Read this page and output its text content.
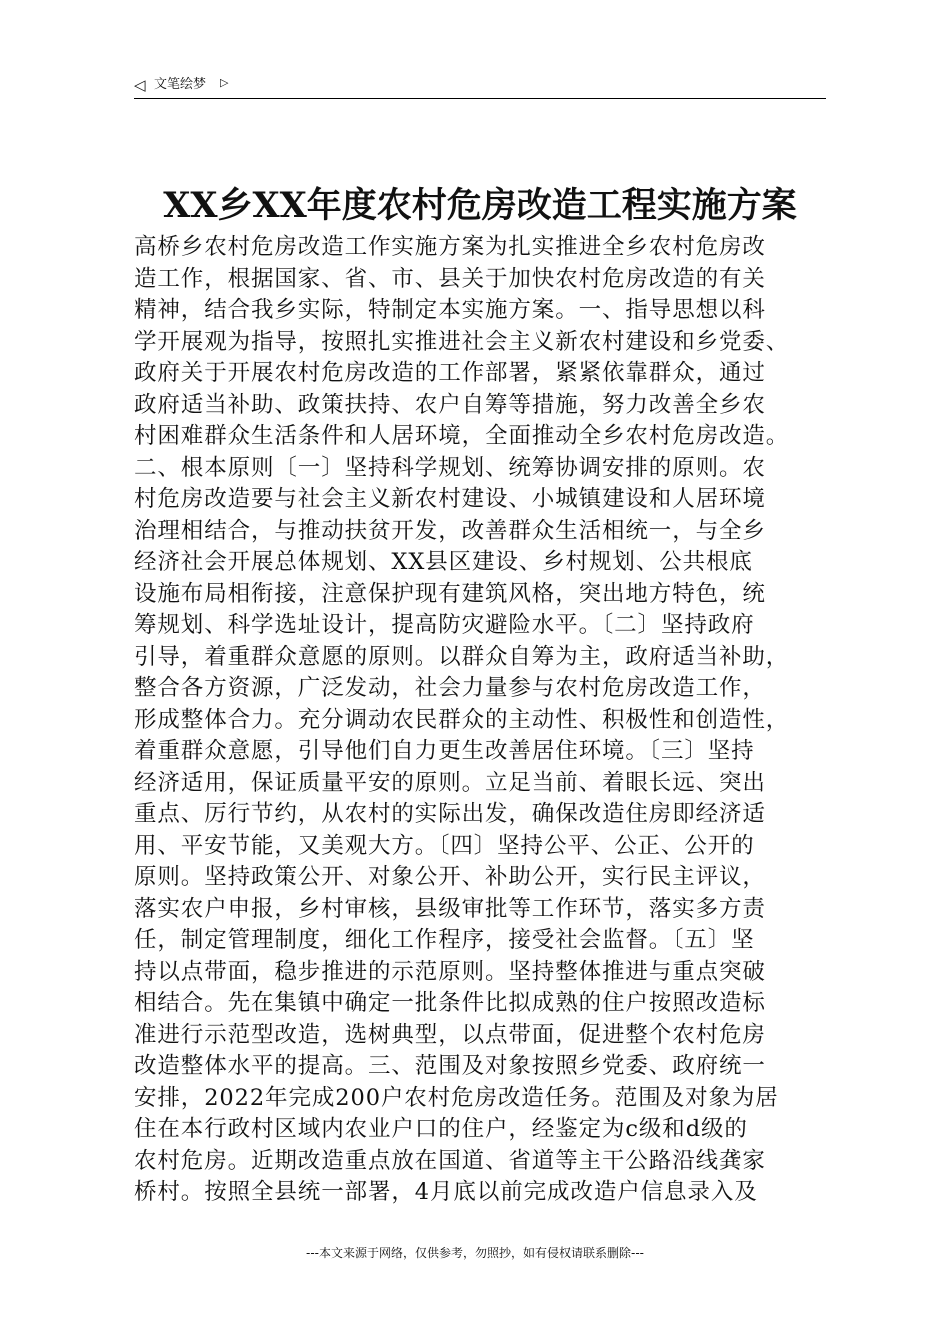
◁ 文笔绘梦 ▷
XX乡XX年度农村危房改造工程实施方案
高桥乡农村危房改造工作实施方案为扎实推进全乡农村危房改
造工作，根据国家、省、市、县关于加快农村危房改造的有关
精神，结合我乡实际，特制定本实施方案。一、指导思想以科
学开展观为指导，按照扎实推进社会主义新农村建设和乡党委、
政府关于开展农村危房改造的工作部署，紧紧依靠群众，通过
政府适当补助、政策扶持、农户自筹等措施，努力改善全乡农
村困难群众生活条件和人居环境，全面推动全乡农村危房改造。
二、根本原则〔一〕坚持科学规划、统筹协调安排的原则。农
村危房改造要与社会主义新农村建设、小城镇建设和人居环境
治理相结合，与推动扶贫开发，改善群众生活相统一，与全乡
经济社会开展总体规划、XX县区建设、乡村规划、公共根底
设施布局相衔接，注意保护现有建筑风格，突出地方特色，统
筹规划、科学选址设计，提高防灾避险水平。〔二〕坚持政府
引导，着重群众意愿的原则。以群众自筹为主，政府适当补助，
整合各方资源，广泛发动，社会力量参与农村危房改造工作，
形成整体合力。充分调动农民群众的主动性、积极性和创造性，
着重群众意愿，引导他们自力更生改善居住环境。〔三〕坚持
经济适用，保证质量平安的原则。立足当前、着眼长远、突出
重点、厉行节约，从农村的实际出发，确保改造住房即经济适
用、平安节能，又美观大方。〔四〕坚持公平、公正、公开的
原则。坚持政策公开、对象公开、补助公开，实行民主评议，
落实农户申报，乡村审核，县级审批等工作环节，落实多方责
任，制定管理制度，细化工作程序，接受社会监督。〔五〕坚
持以点带面，稳步推进的示范原则。坚持整体推进与重点突破
相结合。先在集镇中确定一批条件比拟成熟的住户按照改造标
准进行示范型改造，选树典型，以点带面，促进整个农村危房
改造整体水平的提高。三、范围及对象按照乡党委、政府统一
安排，2022年完成200户农村危房改造任务。范围及对象为居
住在本行政村区域内农业户口的住户，经鉴定为c级和d级的
农村危房。近期改造重点放在国道、省道等主干公路沿线龚家
桥村。按照全县统一部署，4月底以前完成改造户信息录入及
---本文来源于网络，仅供参考，勿照抄，如有侵权请联系删除---
